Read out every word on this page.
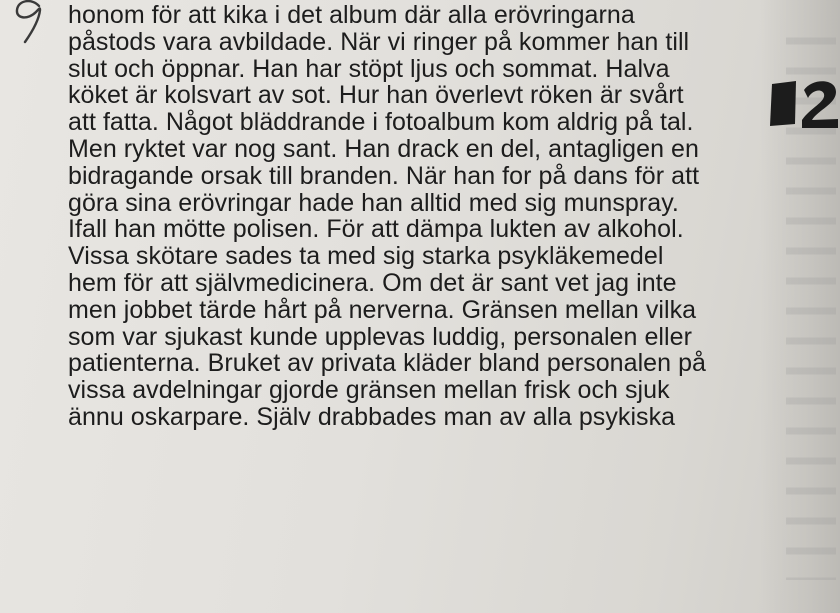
honom för att kika i det album där alla erövringarna
påstods vara avbildade. När vi ringer på kommer han till
slut och öppnar. Han har stöpt ljus och sommat. Halva
köket är kolsvart av sot. Hur han överlevt röken är svårt
att fatta. Något bläddrande i fotoalbum kom aldrig på tal.
Men ryktet var nog sant. Han drack en del, antagligen en
bidragande orsak till branden. När han for på dans för att
göra sina erövringar hade han alltid med sig munspray.
Ifall han mötte polisen. För att dämpa lukten av alkohol.
Vissa skötare sades ta med sig starka psykläkemedel
hem för att självmedicinera. Om det är sant vet jag inte
men jobbet tärde hårt på nerverna. Gränsen mellan vilka
som var sjukast kunde upplevas luddig, personalen eller
patienterna. Bruket av privata kläder bland personalen på
vissa avdelningar gjorde gränsen mellan frisk och sjuk
ännu oskarpare. Själv drabbades man av alla psykiska
